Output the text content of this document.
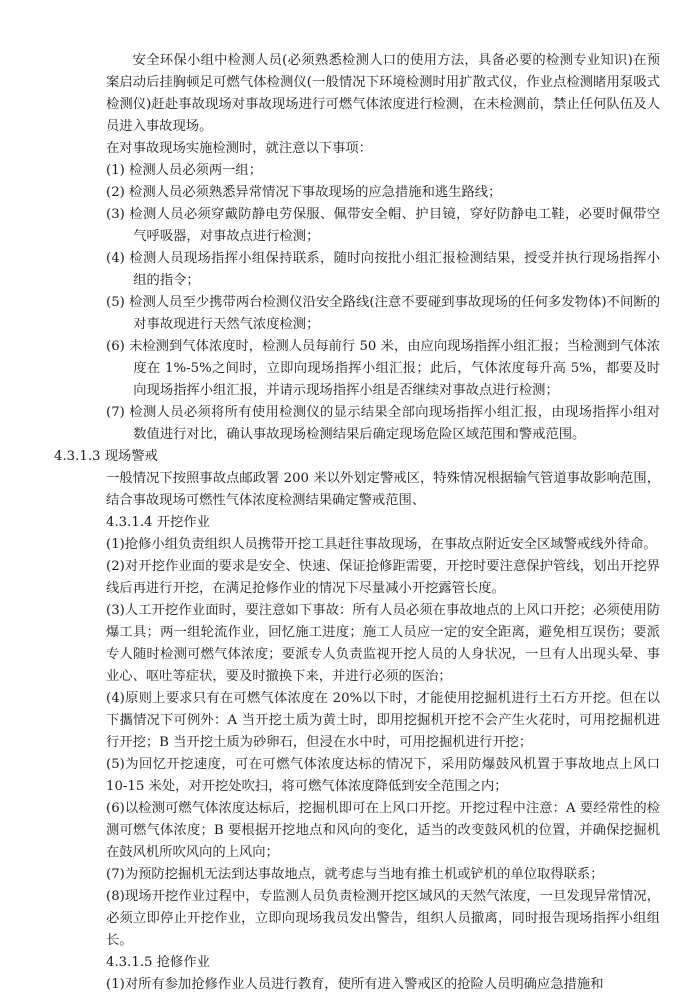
安全环保小组中检测人员(必须熟悉检测人口的使用方法，具备必要的检测专业知识)在预案启动后挂胸顿足可燃气体检测仪(一般情况下环境检测时用扩散式仪，作业点检测睹用泵吸式检测仪)赶赴事故现场对事故现场进行可燃气体浓度进行检测，在未检测前，禁止任何队伍及人员进入事故现场。

在对事故现场实施检测时，就注意以下事项：

(1) 检测人员必须两一组；

(2) 检测人员必须熟悉异常情况下事故现场的应急措施和逃生路线；

(3) 检测人员必须穿戴防静电劳保服、佩带安全帽、护目镜，穿好防静电工鞋，必要时佩带空气呼吸器，对事故点进行检测；

(4) 检测人员现场指挥小组保持联系，随时向按批小组汇报检测结果，授受并执行现场指挥小组的指令；

(5) 检测人员至少携带两台检测仪沿安全路线(注意不要碰到事故现场的任何多发物体)不间断的对事故现进行天然气浓度检测；

(6) 未检测到气体浓度时，检测人员每前行 50 米，由应向现场指挥小组汇报；当检测到气体浓度在 1%-5%之间时，立即向现场指挥小组汇报；此后，气体浓度每升高 5%，都要及时向现场指挥小组汇报，并请示现场指挥小组是否继续对事故点进行检测；

(7) 检测人员必须将所有使用检测仪的显示结果全部向现场指挥小组汇报，由现场指挥小组对数值进行对比，确认事故现场检测结果后确定现场危险区域范围和警戒范围。

4.3.1.3 现场警戒

一般情况下按照事故点邮政署 200 米以外划定警戒区，特殊情况根据输气管道事故影响范围，结合事故现场可燃性气体浓度检测结果确定警戒范围、

4.3.1.4 开挖作业

(1)抢修小组负责组织人员携带开挖工具赶往事故现场，在事故点附近安全区域警戒线外待命。

(2)对开挖作业面的要求是安全、快速、保证抢修距需要，开挖时要注意保护管线，划出开挖界线后再进行开挖，在满足抢修作业的情况下尽量减小开挖露管长度。

(3)人工开挖作业面时，要注意如下事故：所有人员必须在事故地点的上风口开挖；必须使用防爆工具；两一组轮流作业，回忆施工进度；施工人员应一定的安全距离，避免相互误伤；要派专人随时检测可燃气体浓度；要派专人负责监视开挖人员的人身状况，一旦有人出现头晕、事业心、呕吐等症状，要及时撤换下来，并进行必须的医治；

(4)原则上要求只有在可燃气体浓度在 20%以下时，才能使用挖掘机进行土石方开挖。但在以下攜情况下可例外：A 当开挖土质为黄土时，即用挖掘机开挖不会产生火花时，可用挖掘机进行开挖；B 当开挖土质为砂卵石，但浸在水中时，可用挖掘机进行开挖；

(5)为回忆开挖速度，可在可燃气体浓度达标的情况下，采用防爆鼓风机置于事故地点上风口 10-15 米处，对开挖处吹扫，将可燃气体浓度降低到安全范围之内；

(6)以检测可燃气体浓度达标后，挖掘机即可在上风口开挖。开挖过程中注意：A 要经常性的检测可燃气体浓度；B 要根据开挖地点和风向的变化，适当的改变鼓风机的位置，并确保挖掘机在鼓风机所吹风向的上风向；

(7)为预防挖掘机无法到达事故地点，就考虑与当地有推土机或铲机的单位取得联系；

(8)现场开挖作业过程中，专监测人员负责检测开挖区域风的天然气浓度，一旦发现异常情况，必须立即停止开挖作业，立即向现场我员发出警告，组织人员撤离，同时报告现场指挥小组组长。

4.3.1.5 抢修作业

(1)对所有参加抢修作业人员进行教育，使所有进入警戒区的抢险人员明确应急措施和
